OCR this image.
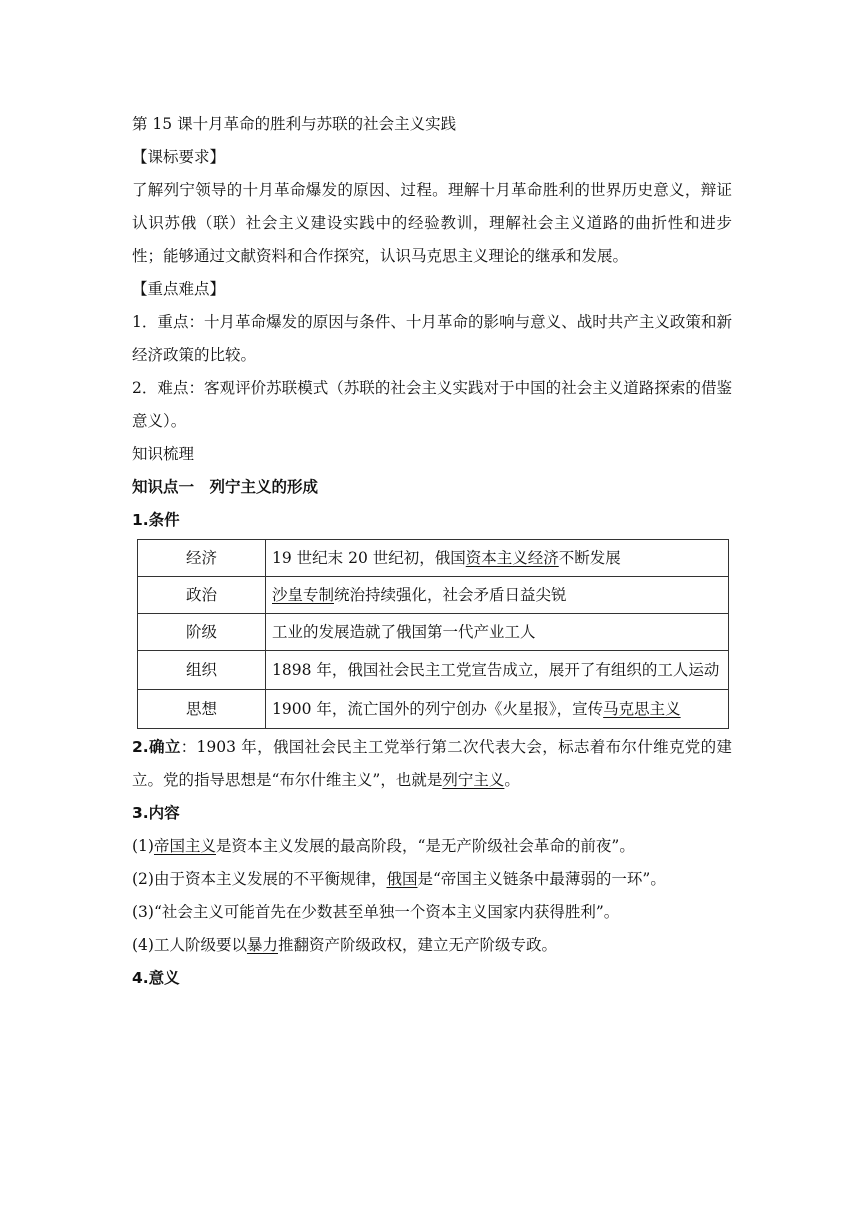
第 15 课十月革命的胜利与苏联的社会主义实践
【课标要求】
了解列宁领导的十月革命爆发的原因、过程。理解十月革命胜利的世界历史意义，辩证认识苏俄（联）社会主义建设实践中的经验教训，理解社会主义道路的曲折性和进步性；能够通过文献资料和合作探究，认识马克思主义理论的继承和发展。
【重点难点】
1．重点：十月革命爆发的原因与条件、十月革命的影响与意义、战时共产主义政策和新经济政策的比较。
2．难点：客观评价苏联模式（苏联的社会主义实践对于中国的社会主义道路探索的借鉴意义）。
知识梳理
知识点一　列宁主义的形成
1.条件
经济	19 世纪末 20 世纪初，俄国资本主义经济不断发展
政治	沙皇专制统治持续强化，社会矛盾日益尖锐
阶级	工业的发展造就了俄国第一代产业工人
组织	1898 年，俄国社会民主工党宣告成立，展开了有组织的工人运动
思想	1900 年，流亡国外的列宁创办《火星报》，宣传马克思主义
2.确立：1903 年，俄国社会民主工党举行第二次代表大会，标志着布尔什维克党的建立。党的指导思想是“布尔什维主义”，也就是列宁主义。
3.内容
(1)帝国主义是资本主义发展的最高阶段，“是无产阶级社会革命的前夜”。
(2)由于资本主义发展的不平衡规律，俄国是“帝国主义链条中最薄弱的一环”。
(3)“社会主义可能首先在少数甚至单独一个资本主义国家内获得胜利”。
(4)工人阶级要以暴力推翻资产阶级政权，建立无产阶级专政。
4.意义
